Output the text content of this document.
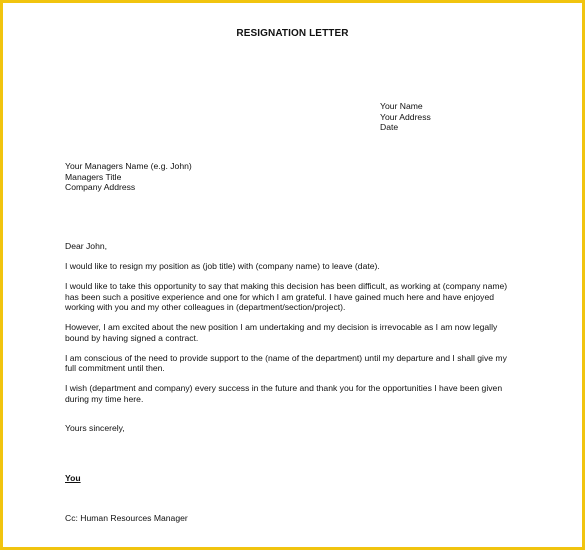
RESIGNATION LETTER
Your Name
Your Address
Date
Your Managers Name (e.g. John)
Managers Title
Company Address
Dear John,
I would like to resign my position as (job title) with (company name) to leave (date).
I would like to take this opportunity to say that making this decision has been difficult, as working at (company name)
has been such a positive experience and one for which I am grateful. I have gained much here and have enjoyed
working with you and my other colleagues in (department/section/project).
However, I am excited about the new position I am undertaking and my decision is irrevocable as I am now legally
bound by having signed a contract.
I am conscious of the need to provide support to the (name of the department) until my departure and I shall give my
full commitment until then.
I wish (department and company) every success in the future and thank you for the opportunities I have been given
during my time here.
Yours sincerely,
You
Cc: Human Resources Manager
